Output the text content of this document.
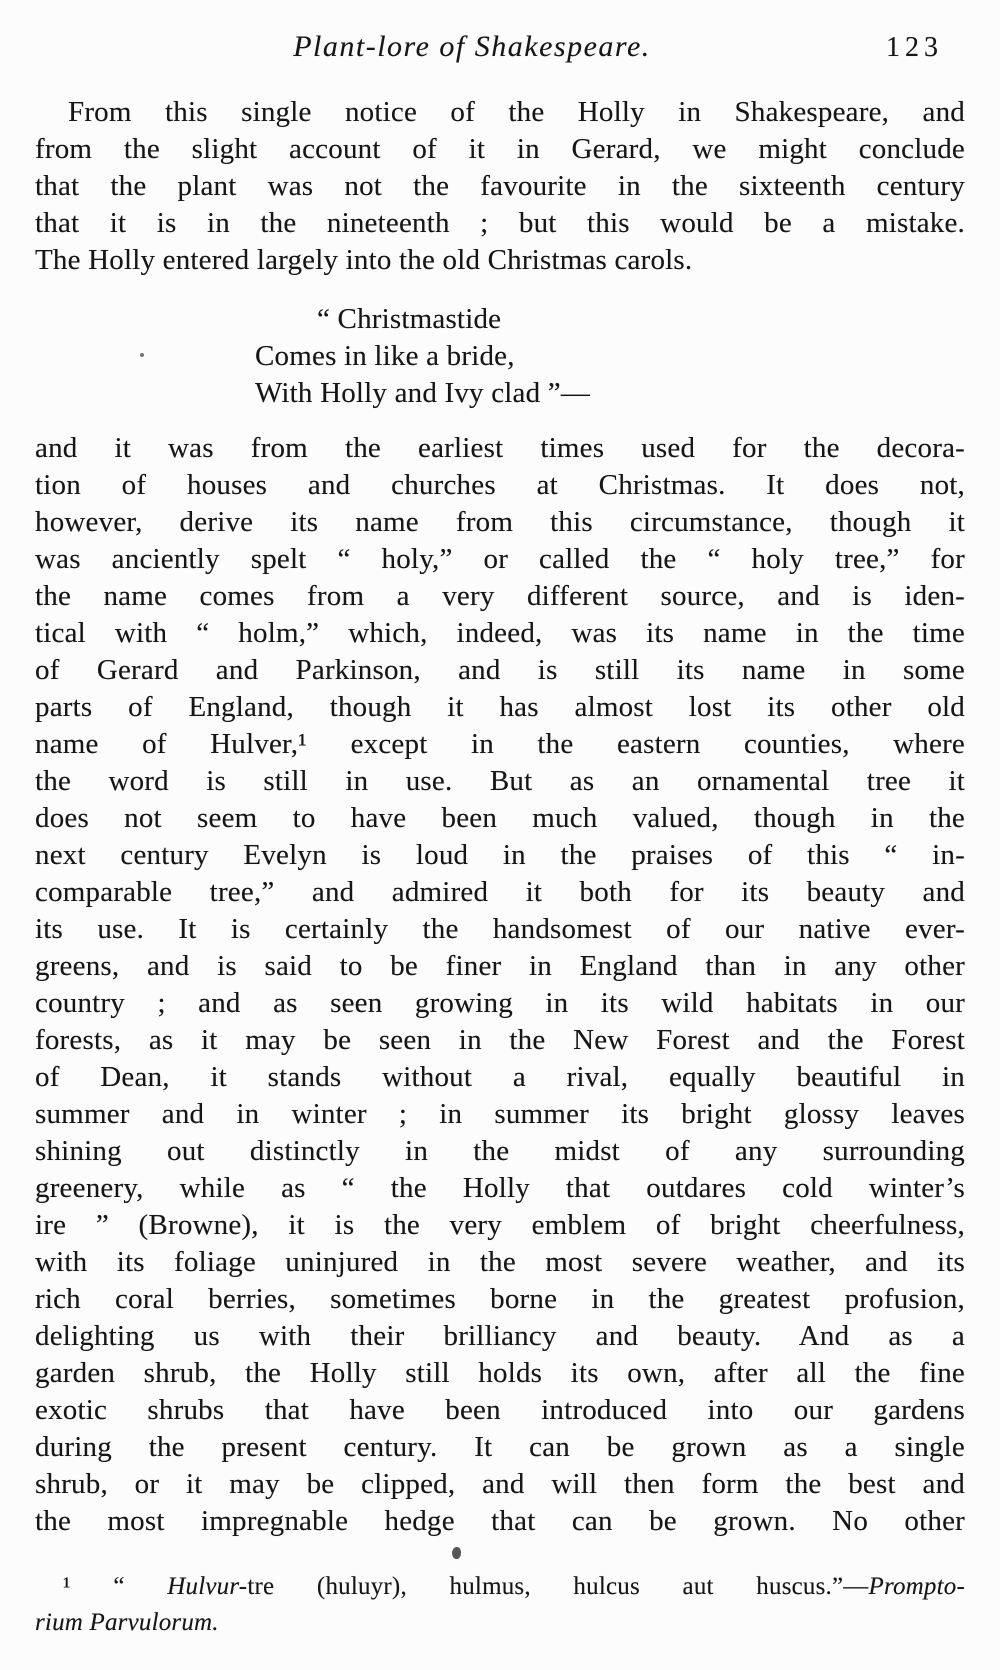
Plant-lore of Shakespeare.	123
From this single notice of the Holly in Shakespeare, and
from the slight account of it in Gerard, we might conclude
that the plant was not the favourite in the sixteenth century
that it is in the nineteenth ; but this would be a mistake.
The Holly entered largely into the old Christmas carols.
“ Christmastide
Comes in like a bride,
With Holly and Ivy clad ”—
and it was from the earliest times used for the decora-
tion of houses and churches at Christmas. It does not,
however, derive its name from this circumstance, though it
was anciently spelt “ holy,” or called the “ holy tree,” for
the name comes from a very different source, and is iden-
tical with “ holm,” which, indeed, was its name in the time
of Gerard and Parkinson, and is still its name in some
parts of England, though it has almost lost its other old
name of Hulver,¹ except in the eastern counties, where
the word is still in use. But as an ornamental tree it
does not seem to have been much valued, though in the
next century Evelyn is loud in the praises of this “ in-
comparable tree,” and admired it both for its beauty and
its use. It is certainly the handsomest of our native ever-
greens, and is said to be finer in England than in any other
country ; and as seen growing in its wild habitats in our
forests, as it may be seen in the New Forest and the Forest
of Dean, it stands without a rival, equally beautiful in
summer and in winter ; in summer its bright glossy leaves
shining out distinctly in the midst of any surrounding
greenery, while as “ the Holly that outdares cold winter’s
ire ” (Browne), it is the very emblem of bright cheerfulness,
with its foliage uninjured in the most severe weather, and its
rich coral berries, sometimes borne in the greatest profusion,
delighting us with their brilliancy and beauty. And as a
garden shrub, the Holly still holds its own, after all the fine
exotic shrubs that have been introduced into our gardens
during the present century. It can be grown as a single
shrub, or it may be clipped, and will then form the best and
the most impregnable hedge that can be grown. No other
¹ “ Hulvur-tre (huluyr), hulmus, hulcus aut huscus.”—Prompto-
rium Parvulorum.
